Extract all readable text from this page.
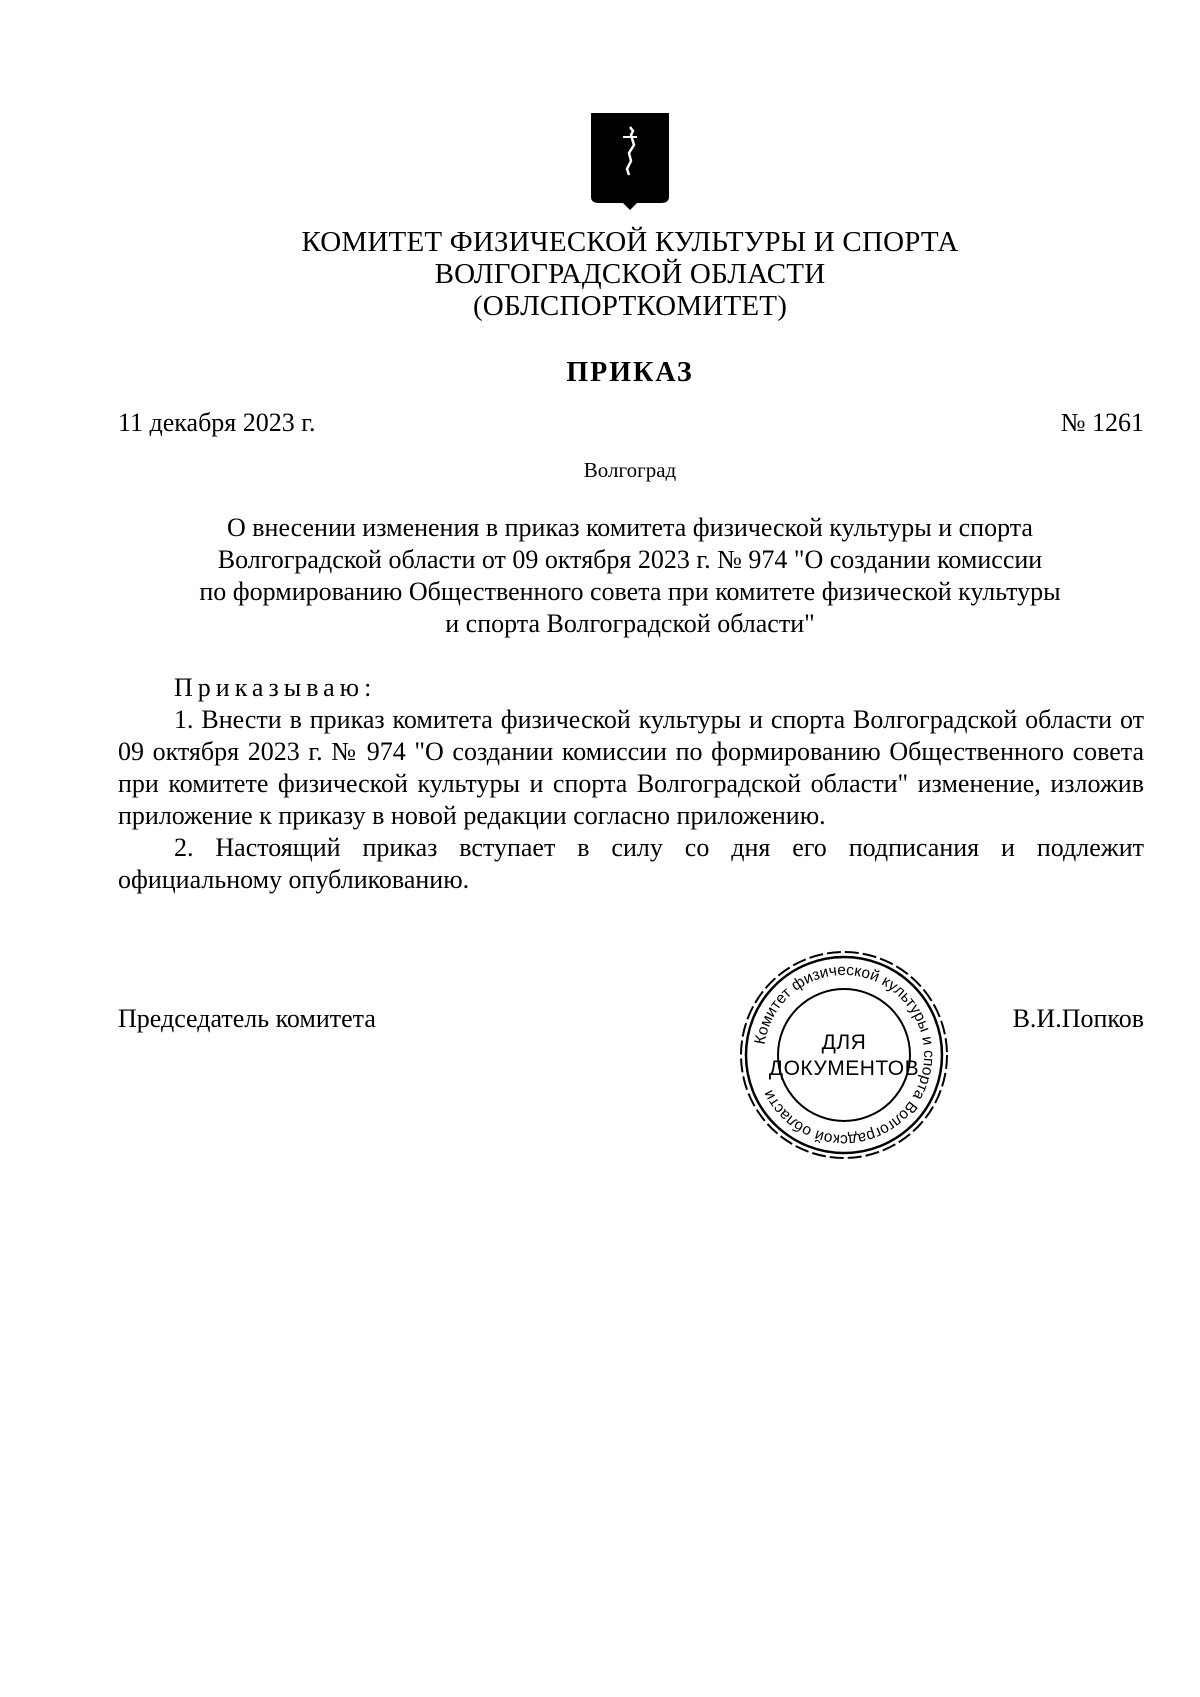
КОМИТЕТ ФИЗИЧЕСКОЙ КУЛЬТУРЫ И СПОРТА
ВОЛГОГРАДСКОЙ ОБЛАСТИ
(ОБЛСПОРТКОМИТЕТ)
ПРИКАЗ
11 декабря 2023 г.	№ 1261
Волгоград
О внесении изменения в приказ комитета физической культуры и спорта
Волгоградской области от 09 октября 2023 г. № 974 "О создании комиссии
по формированию Общественного совета при комитете физической культуры
и спорта Волгоградской области"

Приказываю:

1. Внести в приказ комитета физической культуры и спорта Волгоградской области от 09 октября 2023 г. № 974 "О создании комиссии по формированию Общественного совета при комитете физической культуры и спорта Волгоградской области" изменение, изложив приложение к приказу в новой редакции согласно приложению.

2. Настоящий приказ вступает в силу со дня его подписания и подлежит официальному опубликованию.

Председатель комитета	В.И.Попков
Комитет физической культуры и спорта Волгоградской области
ДЛЯ
ДОКУМЕНТОВ
